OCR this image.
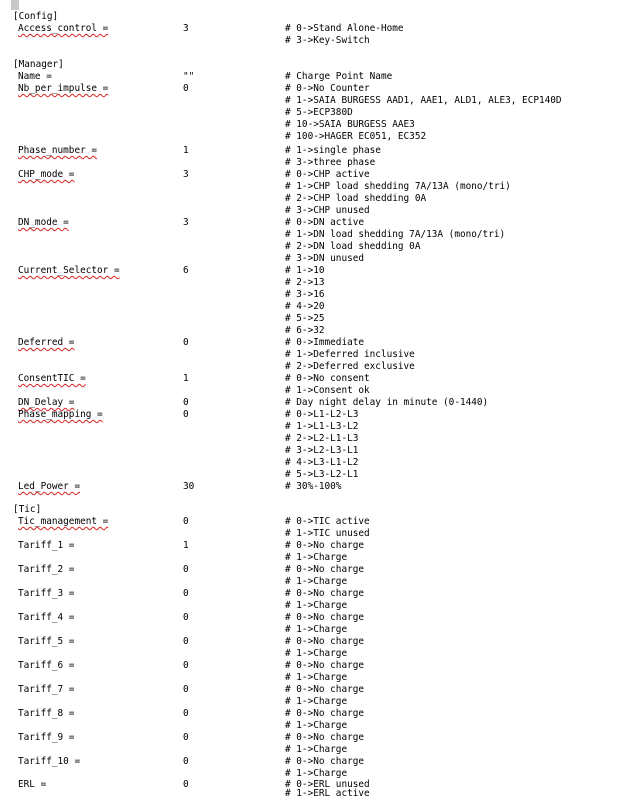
[Config]
Access_control =	3	# 0->Stand Alone-Home
# 3->Key-Switch
[Manager]
Name =	""	# Charge Point Name
Nb_per_impulse =	0	# 0->No Counter
# 1->SAIA BURGESS AAD1, AAE1, ALD1, ALE3, ECP140D
# 5->ECP380D
# 10->SAIA BURGESS AAE3
# 100->HAGER EC051, EC352
Phase_number =	1	# 1->single phase
# 3->three phase
CHP_mode =	3	# 0->CHP active
# 1->CHP load shedding 7A/13A (mono/tri)
# 2->CHP load shedding 0A
# 3->CHP unused
DN_mode =	3	# 0->DN active
# 1->DN load shedding 7A/13A (mono/tri)
# 2->DN load shedding 0A
# 3->DN unused
Current_Selector =	6	# 1->10
# 2->13
# 3->16
# 4->20
# 5->25
# 6->32
Deferred =	0	# 0->Immediate
# 1->Deferred inclusive
# 2->Deferred exclusive
ConsentTIC =	1	# 0->No consent
# 1->Consent ok
DN_Delay =	0	# Day night delay in minute (0-1440)
Phase_mapping =	0	# 0->L1-L2-L3
# 1->L1-L3-L2
# 2->L2-L1-L3
# 3->L2-L3-L1
# 4->L3-L1-L2
# 5->L3-L2-L1
Led_Power =	30	# 30%-100%
[Tic]
Tic_management =	0	# 0->TIC active
# 1->TIC unused
Tariff_1 =	1	# 0->No charge
# 1->Charge
Tariff_2 =	0	# 0->No charge
# 1->Charge
Tariff_3 =	0	# 0->No charge
# 1->Charge
Tariff_4 =	0	# 0->No charge
# 1->Charge
Tariff_5 =	0	# 0->No charge
# 1->Charge
Tariff_6 =	0	# 0->No charge
# 1->Charge
Tariff_7 =	0	# 0->No charge
# 1->Charge
Tariff_8 =	0	# 0->No charge
# 1->Charge
Tariff_9 =	0	# 0->No charge
# 1->Charge
Tariff_10 =	0	# 0->No charge
# 1->Charge
ERL =	0	# 0->ERL unused
# 1->ERL active
